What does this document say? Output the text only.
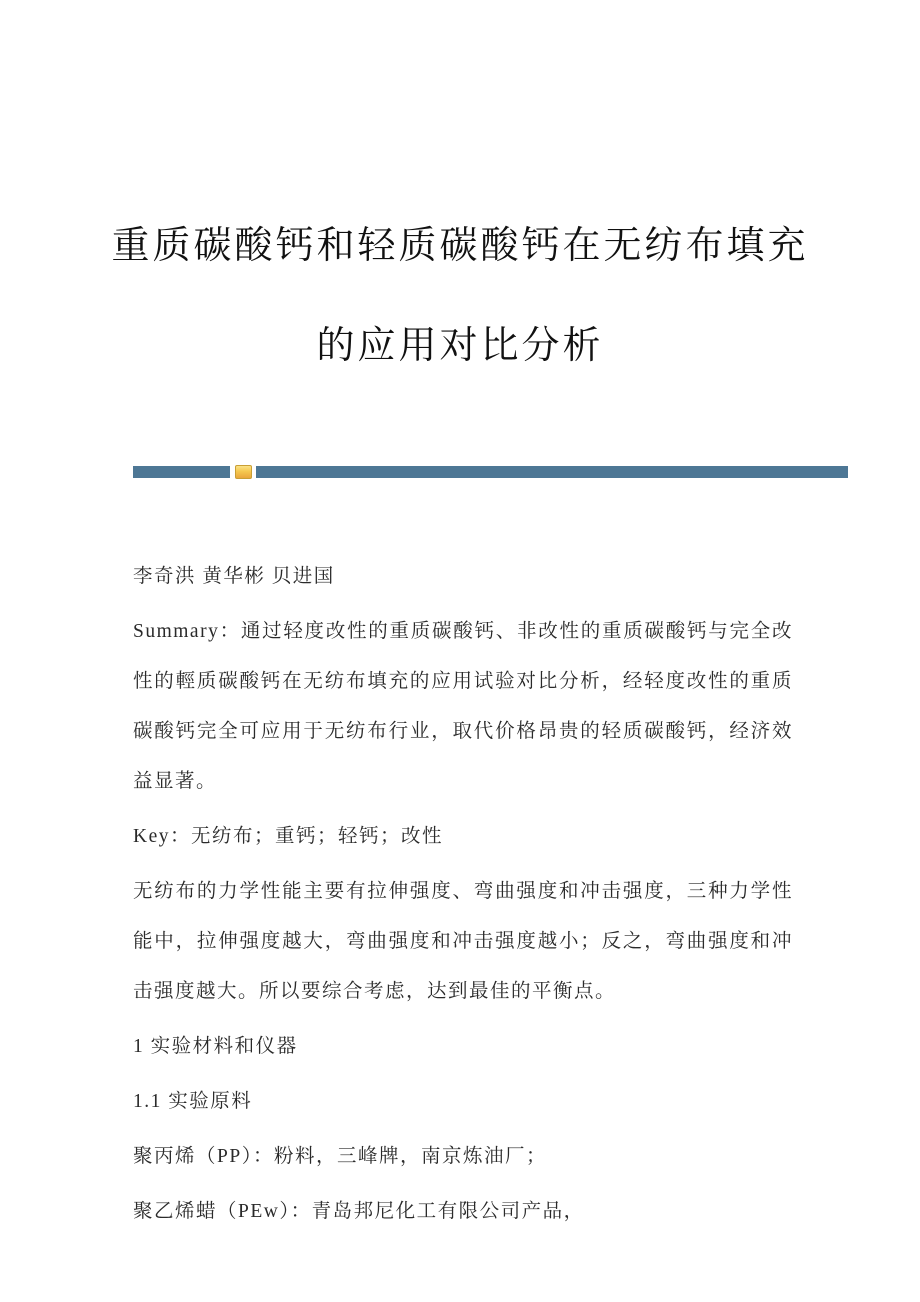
重质碳酸钙和轻质碳酸钙在无纺布填充
的应用对比分析

李奇洪 黄华彬 贝进国

Summary：通过轻度改性的重质碳酸钙、非改性的重质碳酸钙与完全改性的輕质碳酸钙在无纺布填充的应用试验对比分析，经轻度改性的重质碳酸钙完全可应用于无纺布行业，取代价格昂贵的轻质碳酸钙，经济效益显著。

Key：无纺布；重钙；轻钙；改性

无纺布的力学性能主要有拉伸强度、弯曲强度和冲击强度，三种力学性能中，拉伸强度越大，弯曲强度和冲击强度越小；反之，弯曲强度和冲击强度越大。所以要综合考虑，达到最佳的平衡点。

1 实验材料和仪器

1.1 实验原料

聚丙烯（PP）：粉料，三峰牌，南京炼油厂；

聚乙烯蜡（PEw）：青岛邦尼化工有限公司产品，
